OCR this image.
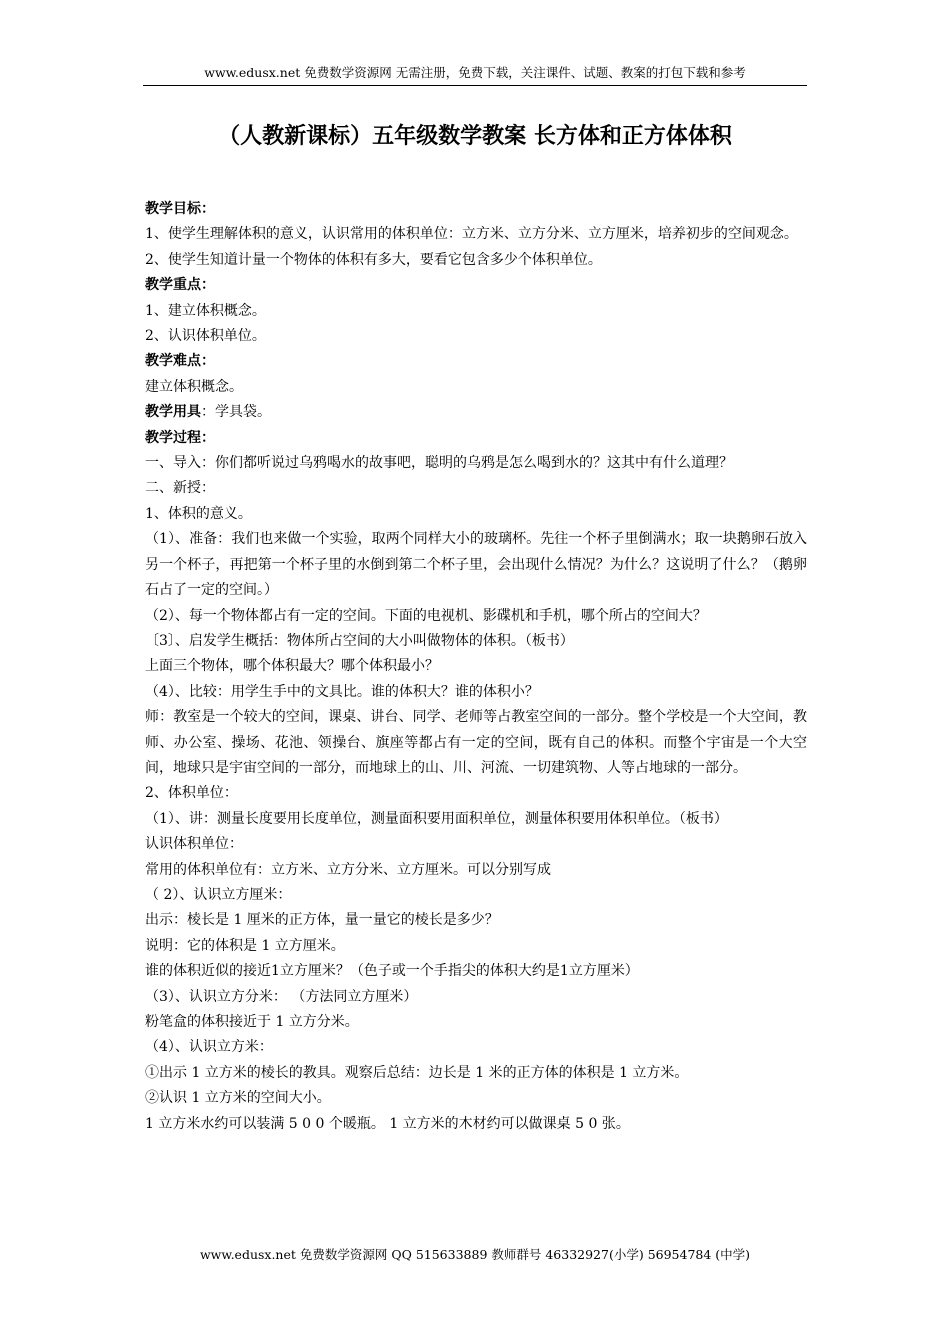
www.edusx.net 免费数学资源网 无需注册，免费下载，关注课件、试题、教案的打包下载和参考
（人教新课标）五年级数学教案 长方体和正方体体积

教学目标：

1、使学生理解体积的意义，认识常用的体积单位：立方米、立方分米、立方厘米，培养初步的空间观念。

2、使学生知道计量一个物体的体积有多大，要看它包含多少个体积单位。

教学重点：

1、建立体积概念。

2、认识体积单位。

教学难点：

建立体积概念。

教学用具：学具袋。

教学过程：

一、导入：你们都听说过乌鸦喝水的故事吧，聪明的乌鸦是怎么喝到水的？这其中有什么道理？

二、新授：

1、体积的意义。

（1）、准备：我们也来做一个实验，取两个同样大小的玻璃杯。先往一个杯子里倒满水；取一块鹅卵石放入另一个杯子，再把第一个杯子里的水倒到第二个杯子里，会出现什么情况？为什么？这说明了什么？（鹅卵石占了一定的空间。）

（2）、每一个物体都占有一定的空间。下面的电视机、影碟机和手机，哪个所占的空间大？

〔3〕、启发学生概括：物体所占空间的大小叫做物体的体积。（板书）

上面三个物体，哪个体积最大？哪个体积最小？

（4）、比较：用学生手中的文具比。谁的体积大？谁的体积小？

师：教室是一个较大的空间，课桌、讲台、同学、老师等占教室空间的一部分。整个学校是一个大空间，教师、办公室、操场、花池、领操台、旗座等都占有一定的空间，既有自己的体积。而整个宇宙是一个大空间，地球只是宇宙空间的一部分，而地球上的山、川、河流、一切建筑物、人等占地球的一部分。

2、体积单位：

（1）、讲：测量长度要用长度单位，测量面积要用面积单位，测量体积要用体积单位。（板书）

认识体积单位：

常用的体积单位有：立方米、立方分米、立方厘米。可以分别写成

（ 2）、认识立方厘米：

出示：棱长是 1 厘米的正方体，量一量它的棱长是多少？

说明：它的体积是 1 立方厘米。

谁的体积近似的接近1立方厘米？（色子或一个手指尖的体积大约是1立方厘米）

（3）、认识立方分米： （方法同立方厘米）

粉笔盒的体积接近于 1 立方分米。

（4）、认识立方米：

①出示 1 立方米的棱长的教具。观察后总结：边长是 1 米的正方体的体积是 1 立方米。

②认识 1 立方米的空间大小。

1 立方米水约可以装满 5 0 0 个暖瓶。 1 立方米的木材约可以做课桌 5 0 张。

www.edusx.net 免费数学资源网 QQ 515633889 教师群号 46332927(小学) 56954784 (中学)
